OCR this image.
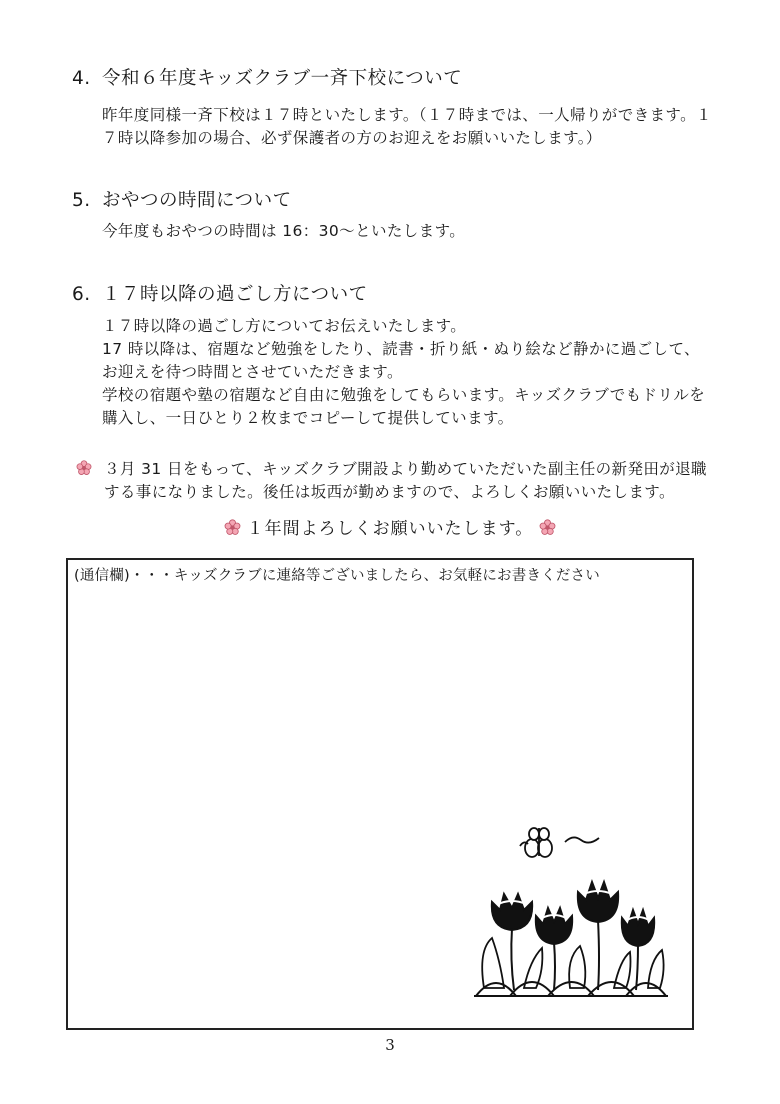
4. 令和６年度キッズクラブ一斉下校について
昨年度同様一斉下校は１７時といたします。（１７時までは、一人帰りができます。１
７時以降参加の場合、必ず保護者の方のお迎えをお願いいたします。）
5. おやつの時間について
今年度もおやつの時間は 16：30～といたします。
6. １７時以降の過ごし方について
１７時以降の過ごし方についてお伝えいたします。
17 時以降は、宿題など勉強をしたり、読書・折り紙・ぬり絵など静かに過ごして、
お迎えを待つ時間とさせていただきます。
学校の宿題や塾の宿題など自由に勉強をしてもらいます。キッズクラブでもドリルを
購入し、一日ひとり２枚までコピーして提供しています。
３月 31 日をもって、キッズクラブ開設より勤めていただいた副主任の新発田が退職
する事になりました。後任は坂西が勤めますので、よろしくお願いいたします。
１年間よろしくお願いいたします。
(通信欄)・・・キッズクラブに連絡等ございましたら、お気軽にお書きください
3
